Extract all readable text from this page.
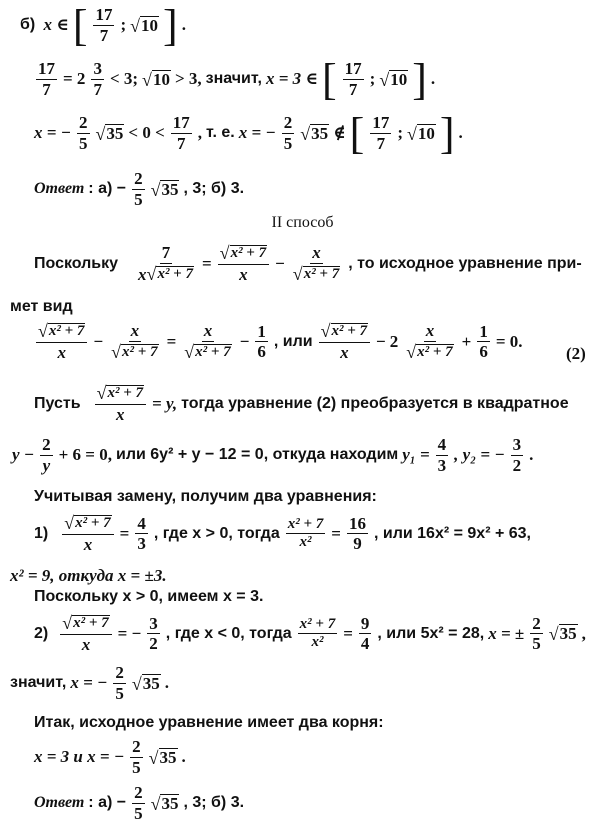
б) x ∈ [ $\frac{17}{7}$ ; √ 10 ] .
$\frac{17}{7} = 2 \frac{3}{7} < 3$; √ 10 > 3, значит, x = 3 ∈ [ $\frac{17}{7}$ ; √ 10 ] .
x = − $\frac{2}{5}$ √ $35 < 0 < \frac{17}{7}$ , т. е. x = − $\frac{2}{5}$ √ 35 ∉ [ $\frac{17}{7}$ ; √ 10 ] .
Ответ : $а) - \frac{2}{5}$ √ 35 , 3; б) 3.
II способ
Поскольку $\frac{7}{\text{x √ x² + 7}} = \frac{\text{√ x² + 7}}{x} - \frac{x}{\text{√ x² + 7}}$ , то исходное уравнение при-
мет вид
$\frac{\text{√ x² + 7}}{x} - \frac{x}{\text{√ x² + 7}} = \frac{x}{\text{√ x² + 7}} - \frac{1}{6}$ , или $\frac{\text{√ x² + 7}}{x} - 2 \frac{x}{\text{√ x² + 7}} + \frac{1}{6} = 0$.
(2)
Пусть $\frac{\text{√ x² + 7}}{x} = y$, тогда уравнение (2) преобразуется в квадратное
$y - \frac{2}{y} + 6 = 0$, или 6y² + y − 12 = 0, откуда находим $y_1 = \frac{4}{3}$ , y₂ = − $\frac{3}{2}$ .
Учитывая замену, получим два уравнения:
$1) \frac{\text{√ x² + 7}}{x} = \frac{4}{3}$ , где x > 0, тогда $\frac{\text{x² + 7}}{\text{x²}} = \frac{16}{9}$ , или 16x² = 9x² + 63,
x² = 9, откуда x = ±3.
Поскольку x > 0, имеем x = 3.
$2) \frac{\text{√ x² + 7}}{x}$ = − $\frac{3}{2}$ , где x < 0, тогда $\frac{\text{x² + 7}}{\text{x²}} = \frac{9}{4}$ , или 5x² = 28, x = ± $\frac{2}{5}$ √ 35 ,
значит, x = − $\frac{2}{5}$ √ 35 .
Итак, исходное уравнение имеет два корня:
x = 3 и x = − $\frac{2}{5}$ √ 35 .
Ответ : $а) - \frac{2}{5}$ √ 35 , 3; б) 3.
